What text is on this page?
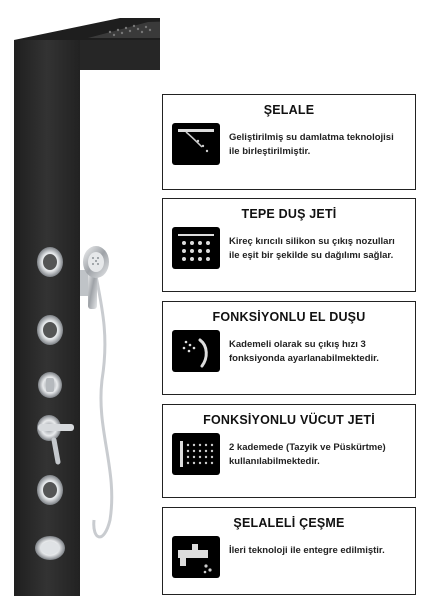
ŞELALE
Geliştirilmiş su damlatma teknolojisi
ile birleştirilmiştir.
TEPE DUŞ JETİ
Kireç kırıcılı silikon su çıkış nozulları
ile eşit bir şekilde su dağılımı sağlar.
FONKSİYONLU EL DUŞU
Kademeli olarak su çıkış hızı 3
fonksiyonda ayarlanabilmektedir.
FONKSİYONLU VÜCUT JETİ
2 kademede (Tazyik ve Püskürtme)
kullanılabilmektedir.
ŞELALELİ ÇEŞME
İleri teknoloji ile entegre edilmiştir.
